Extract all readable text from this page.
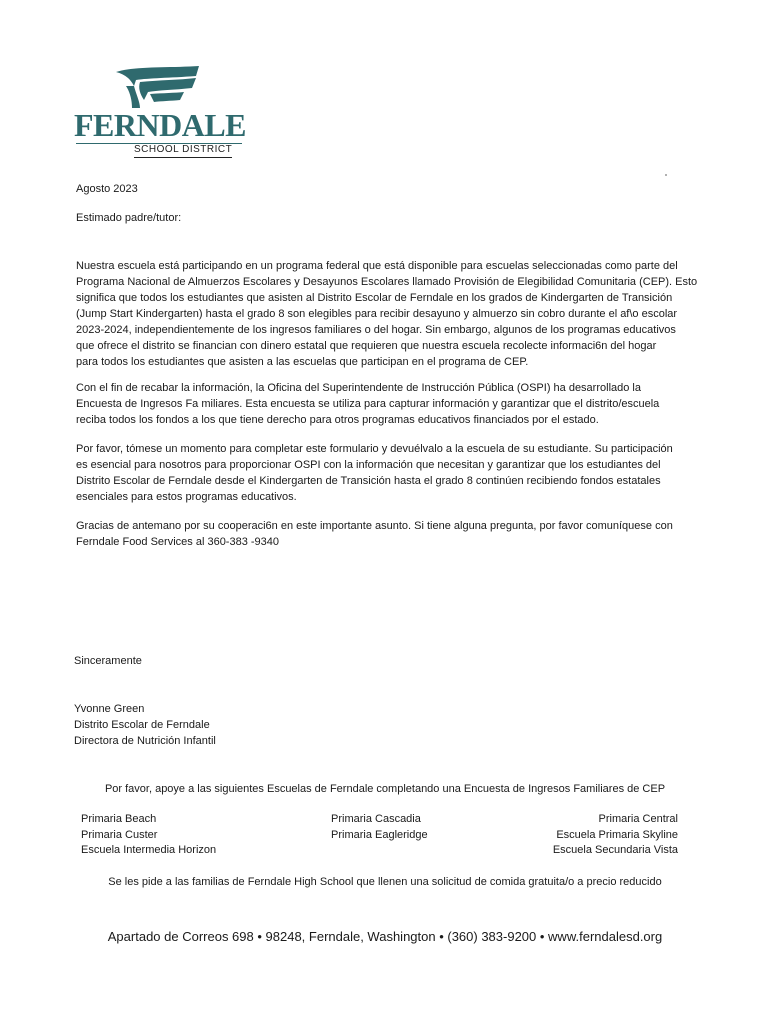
FERNDALE
SCHOOL DISTRICT
Agosto 2023
Estimado padre/tutor:
Nuestra escuela está participando en un programa federal que está disponible para escuelas seleccionadas como parte del
Programa Nacional de Almuerzos Escolares y Desayunos Escolares llamado Provisión de Elegibilidad Comunitaria (CEP). Esto
significa que todos los estudiantes que asisten al Distrito Escolar de Ferndale en los grados de Kindergarten de Transición
(Jump Start Kindergarten) hasta el grado 8 son elegibles para recibir desayuno y almuerzo sin cobro durante el af\o escolar
2023-2024, independientemente de los ingresos familiares o del hogar. Sin embargo, algunos de los programas educativos
que ofrece el distrito se financian con dinero estatal que requieren que nuestra escuela recolecte informaci6n del hogar
para todos los estudiantes que asisten a las escuelas que participan en el programa de CEP.
Con el fin de recabar la información, la Oficina del Superintendente de Instrucción Pública (OSPI) ha desarrollado la
Encuesta de Ingresos Fa miliares. Esta encuesta se utiliza para capturar información y garantizar que el distrito/escuela
reciba todos los fondos a los que tiene derecho para otros programas educativos financiados por el estado.
Por favor, tómese un momento para completar este formulario y devuélvalo a la escuela de su estudiante. Su participación
es esencial para nosotros para proporcionar OSPI con la información que necesitan y garantizar que los estudiantes del
Distrito Escolar de Ferndale desde el Kindergarten de Transición hasta el grado 8 continúen recibiendo fondos estatales
esenciales para estos programas educativos.
Gracias de antemano por su cooperaci6n en este importante asunto. Si tiene alguna pregunta, por favor comuníquese con
Ferndale Food Services al 360-383 -9340
Sinceramente
Yvonne Green
Distrito Escolar de Ferndale
Directora de Nutrición Infantil
Por favor, apoye a las siguientes Escuelas de Ferndale completando una Encuesta de Ingresos Familiares de CEP
Primaria Beach
Primaria Custer
Escuela Intermedia Horizon
Primaria Cascadia
Primaria Eagleridge
Primaria Central
Escuela Primaria Skyline
Escuela Secundaria Vista
Se les pide a las familias de Ferndale High School que llenen una solicitud de comida gratuita/o a precio reducido
Apartado de Correos 698 • 98248, Ferndale, Washington • (360) 383-9200 • www.ferndalesd.org
